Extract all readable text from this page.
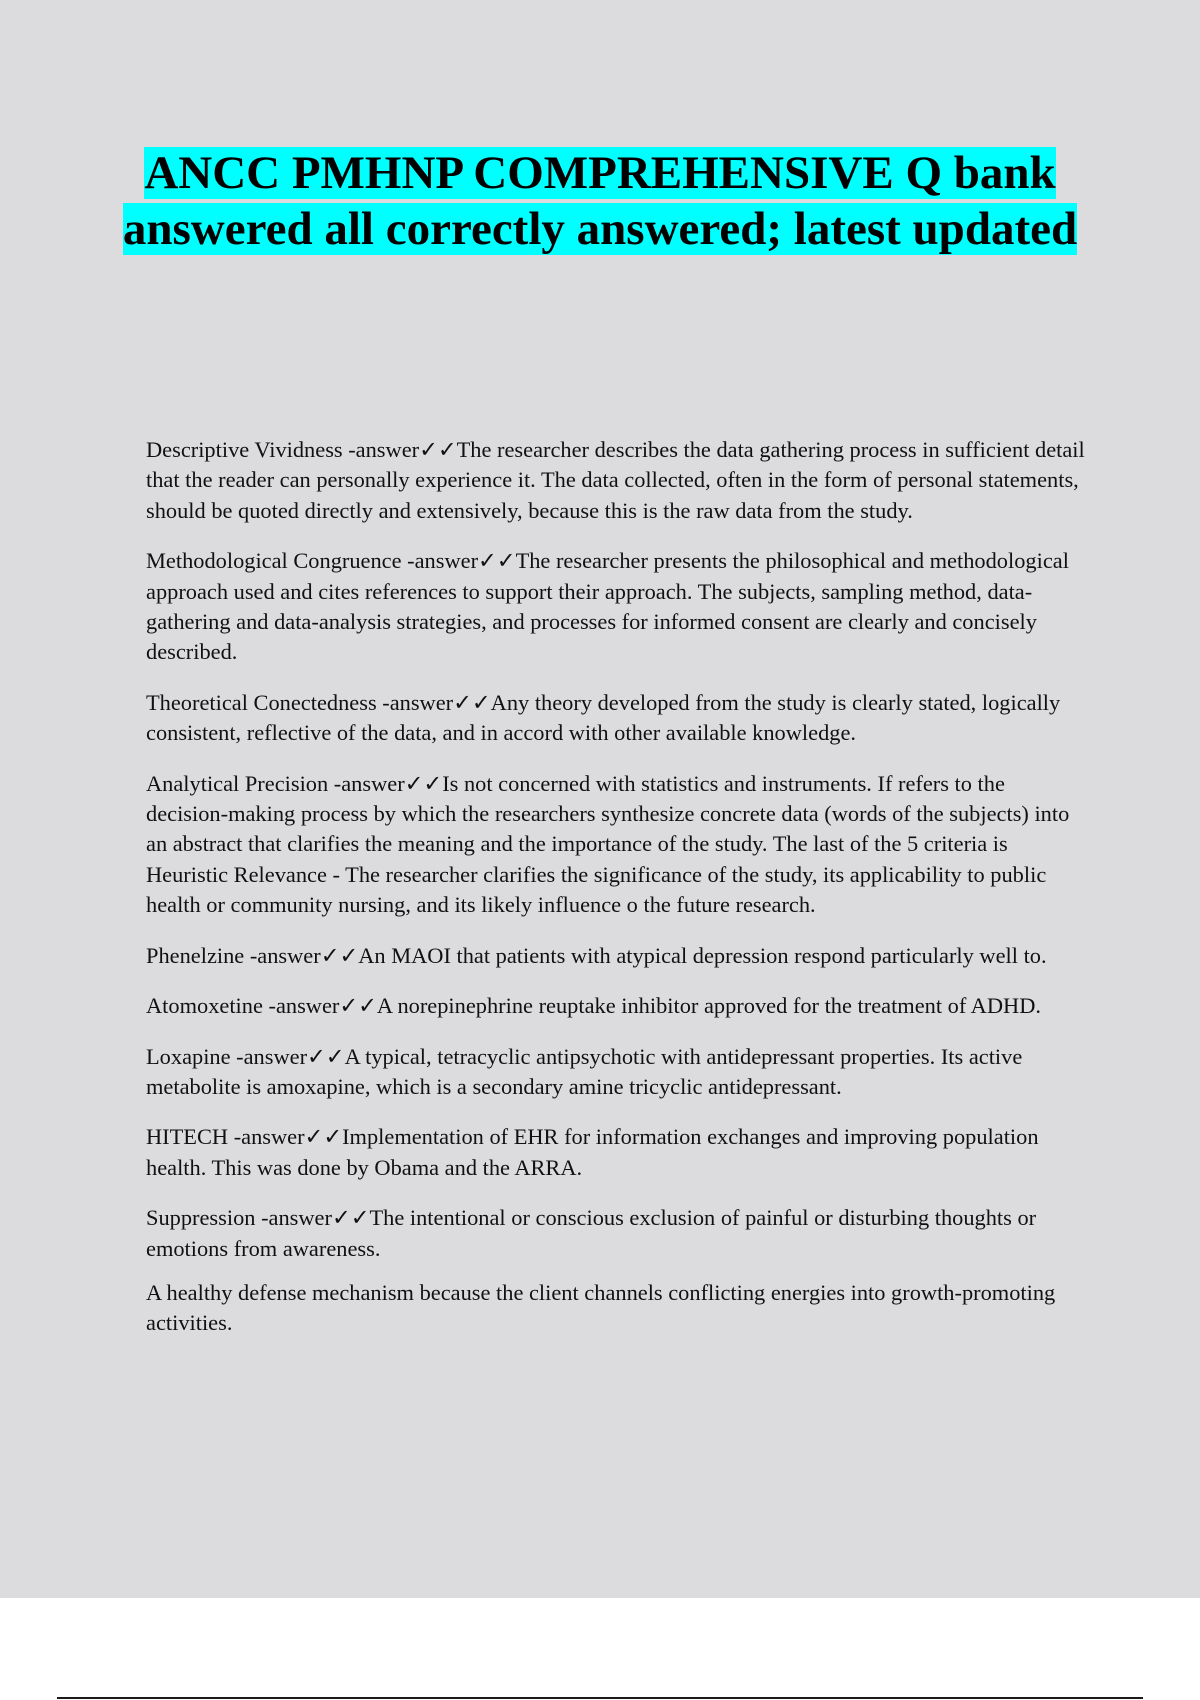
ANCC PMHNP COMPREHENSIVE Q bank answered all correctly answered; latest updated

Descriptive Vividness -answer✓✓The researcher describes the data gathering process in sufficient detail that the reader can personally experience it. The data collected, often in the form of personal statements, should be quoted directly and extensively, because this is the raw data from the study.

Methodological Congruence -answer✓✓The researcher presents the philosophical and methodological approach used and cites references to support their approach. The subjects, sampling method, data-gathering and data-analysis strategies, and processes for informed consent are clearly and concisely described.

Theoretical Conectedness -answer✓✓Any theory developed from the study is clearly stated, logically consistent, reflective of the data, and in accord with other available knowledge.

Analytical Precision -answer✓✓Is not concerned with statistics and instruments. If refers to the decision-making process by which the researchers synthesize concrete data (words of the subjects) into an abstract that clarifies the meaning and the importance of the study. The last of the 5 criteria is Heuristic Relevance - The researcher clarifies the significance of the study, its applicability to public health or community nursing, and its likely influence o the future research.

Phenelzine -answer✓✓An MAOI that patients with atypical depression respond particularly well to.

Atomoxetine -answer✓✓A norepinephrine reuptake inhibitor approved for the treatment of ADHD.

Loxapine -answer✓✓A typical, tetracyclic antipsychotic with antidepressant properties. Its active metabolite is amoxapine, which is a secondary amine tricyclic antidepressant.

HITECH -answer✓✓Implementation of EHR for information exchanges and improving population health. This was done by Obama and the ARRA.

Suppression -answer✓✓The intentional or conscious exclusion of painful or disturbing thoughts or emotions from awareness.

A healthy defense mechanism because the client channels conflicting energies into growth-promoting activities.
